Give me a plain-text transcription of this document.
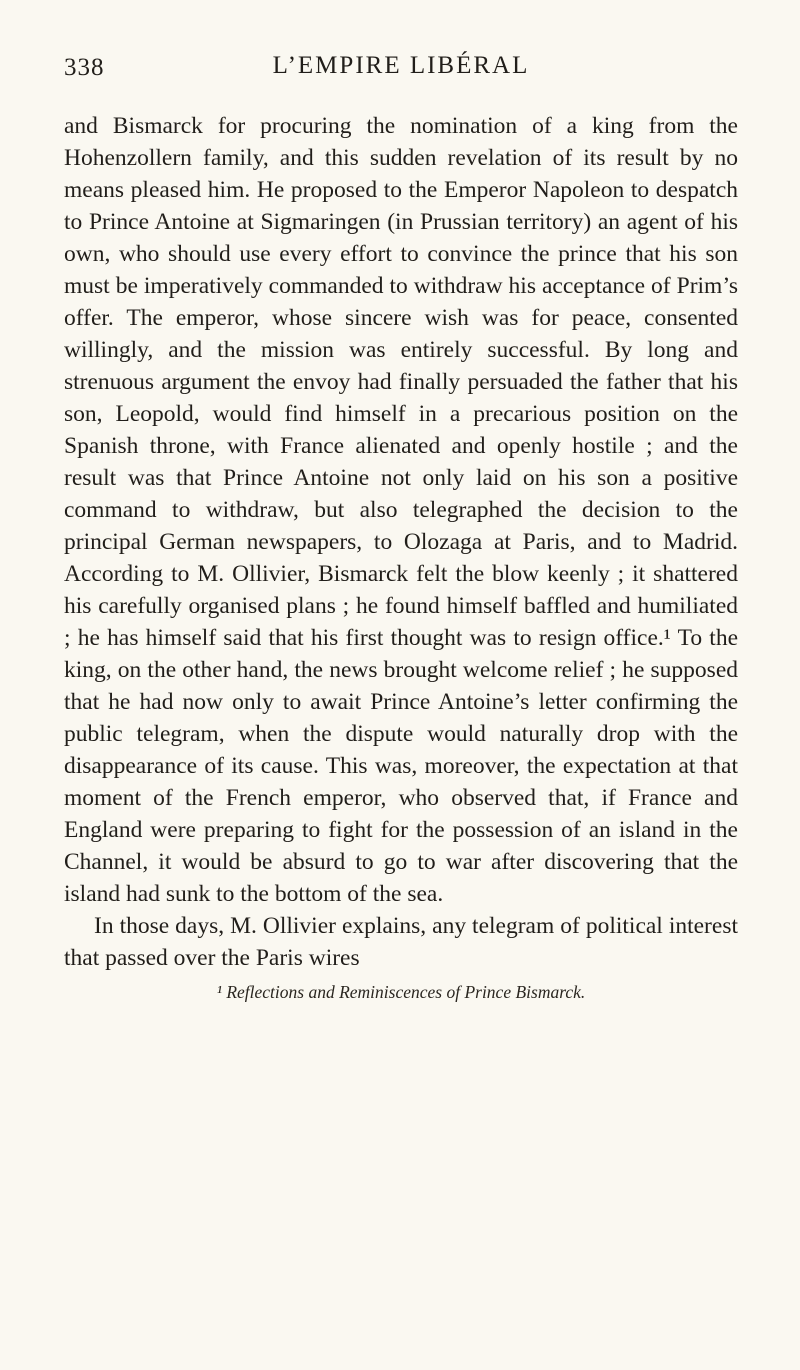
338	L’EMPIRE LIBÉRAL

and Bismarck for procuring the nomination of a king from the Hohenzollern family, and this sudden revelation of its result by no means pleased him. He proposed to the Emperor Napoleon to despatch to Prince Antoine at Sigmaringen (in Prussian territory) an agent of his own, who should use every effort to convince the prince that his son must be imperatively commanded to withdraw his acceptance of Prim’s offer. The emperor, whose sincere wish was for peace, consented willingly, and the mission was entirely successful. By long and strenuous argument the envoy had finally persuaded the father that his son, Leopold, would find himself in a precarious position on the Spanish throne, with France alienated and openly hostile ; and the result was that Prince Antoine not only laid on his son a positive command to withdraw, but also telegraphed the decision to the principal German newspapers, to Olozaga at Paris, and to Madrid. According to M. Ollivier, Bismarck felt the blow keenly ; it shattered his carefully organised plans ; he found himself baffled and humiliated ; he has himself said that his first thought was to resign office.¹ To the king, on the other hand, the news brought welcome relief ; he supposed that he had now only to await Prince Antoine’s letter confirming the public telegram, when the dispute would naturally drop with the disappearance of its cause. This was, moreover, the expectation at that moment of the French emperor, who observed that, if France and England were preparing to fight for the possession of an island in the Channel, it would be absurd to go to war after discovering that the island had sunk to the bottom of the sea.

In those days, M. Ollivier explains, any telegram of political interest that passed over the Paris wires

¹ Reflections and Reminiscences of Prince Bismarck.
